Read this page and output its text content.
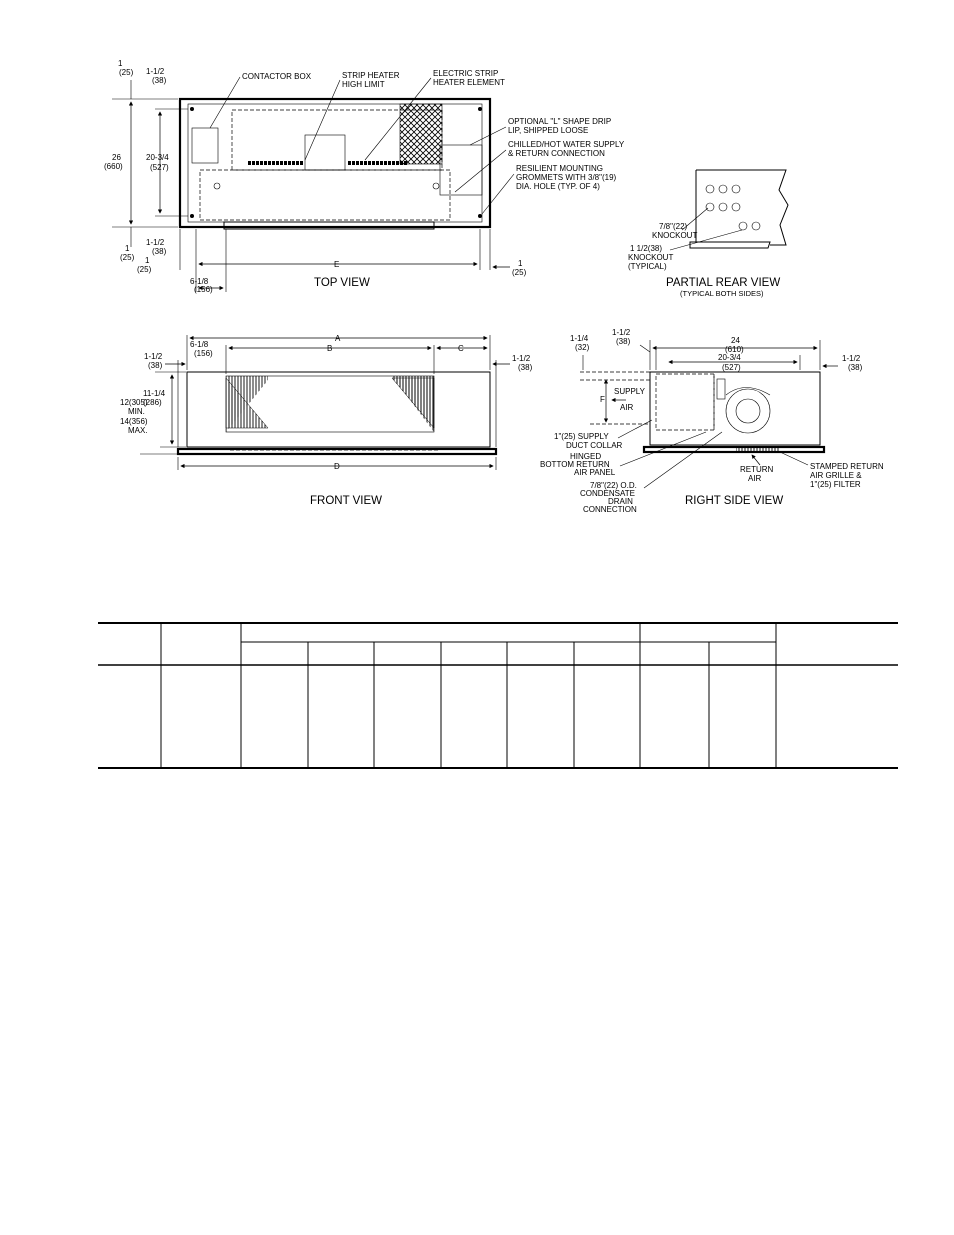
1
(25) 1-1/2
(38)
26
(660)
20-3/4
(527)
1-1/2
(38)
1
(25) 1
(25)
E	1
(25)
6-1/8
(156)
CONTACTOR BOX	STRIP HEATER
HIGH LIMIT
ELECTRIC STRIP
HEATER ELEMENT
OPTIONAL "L" SHAPE DRIP
LIP, SHIPPED LOOSE
CHILLED/HOT WATER SUPPLY
& RETURN CONNECTION
RESILIENT MOUNTING
GROMMETS WITH 3/8"(19)
DIA. HOLE (TYP. OF 4)
TOP VIEW
7/8"(22)
KNOCKOUT
1 1/2(38)
KNOCKOUT
(TYPICAL)
PARTIAL REAR VIEW
(TYPICAL BOTH SIDES)
A
B	C
6-1/8
(156)
1-1/2
(38)
1-1/2
(38)
11-1/4
(286)
12(305)
MIN.
14(356)
MAX.
D
FRONT VIEW
F
SUPPLY
AIR
24
(610)
20-3/4
(527)
1-1/4
(32)
1-1/2
(38)
1-1/2
(38)
1"(25) SUPPLY
DUCT COLLAR
HINGED
BOTTOM RETURN
AIR PANEL
7/8"(22) O.D.
CONDENSATE
DRAIN
CONNECTION
RETURN
AIR
STAMPED RETURN
AIR GRILLE &
1"(25) FILTER
RIGHT SIDE VIEW
